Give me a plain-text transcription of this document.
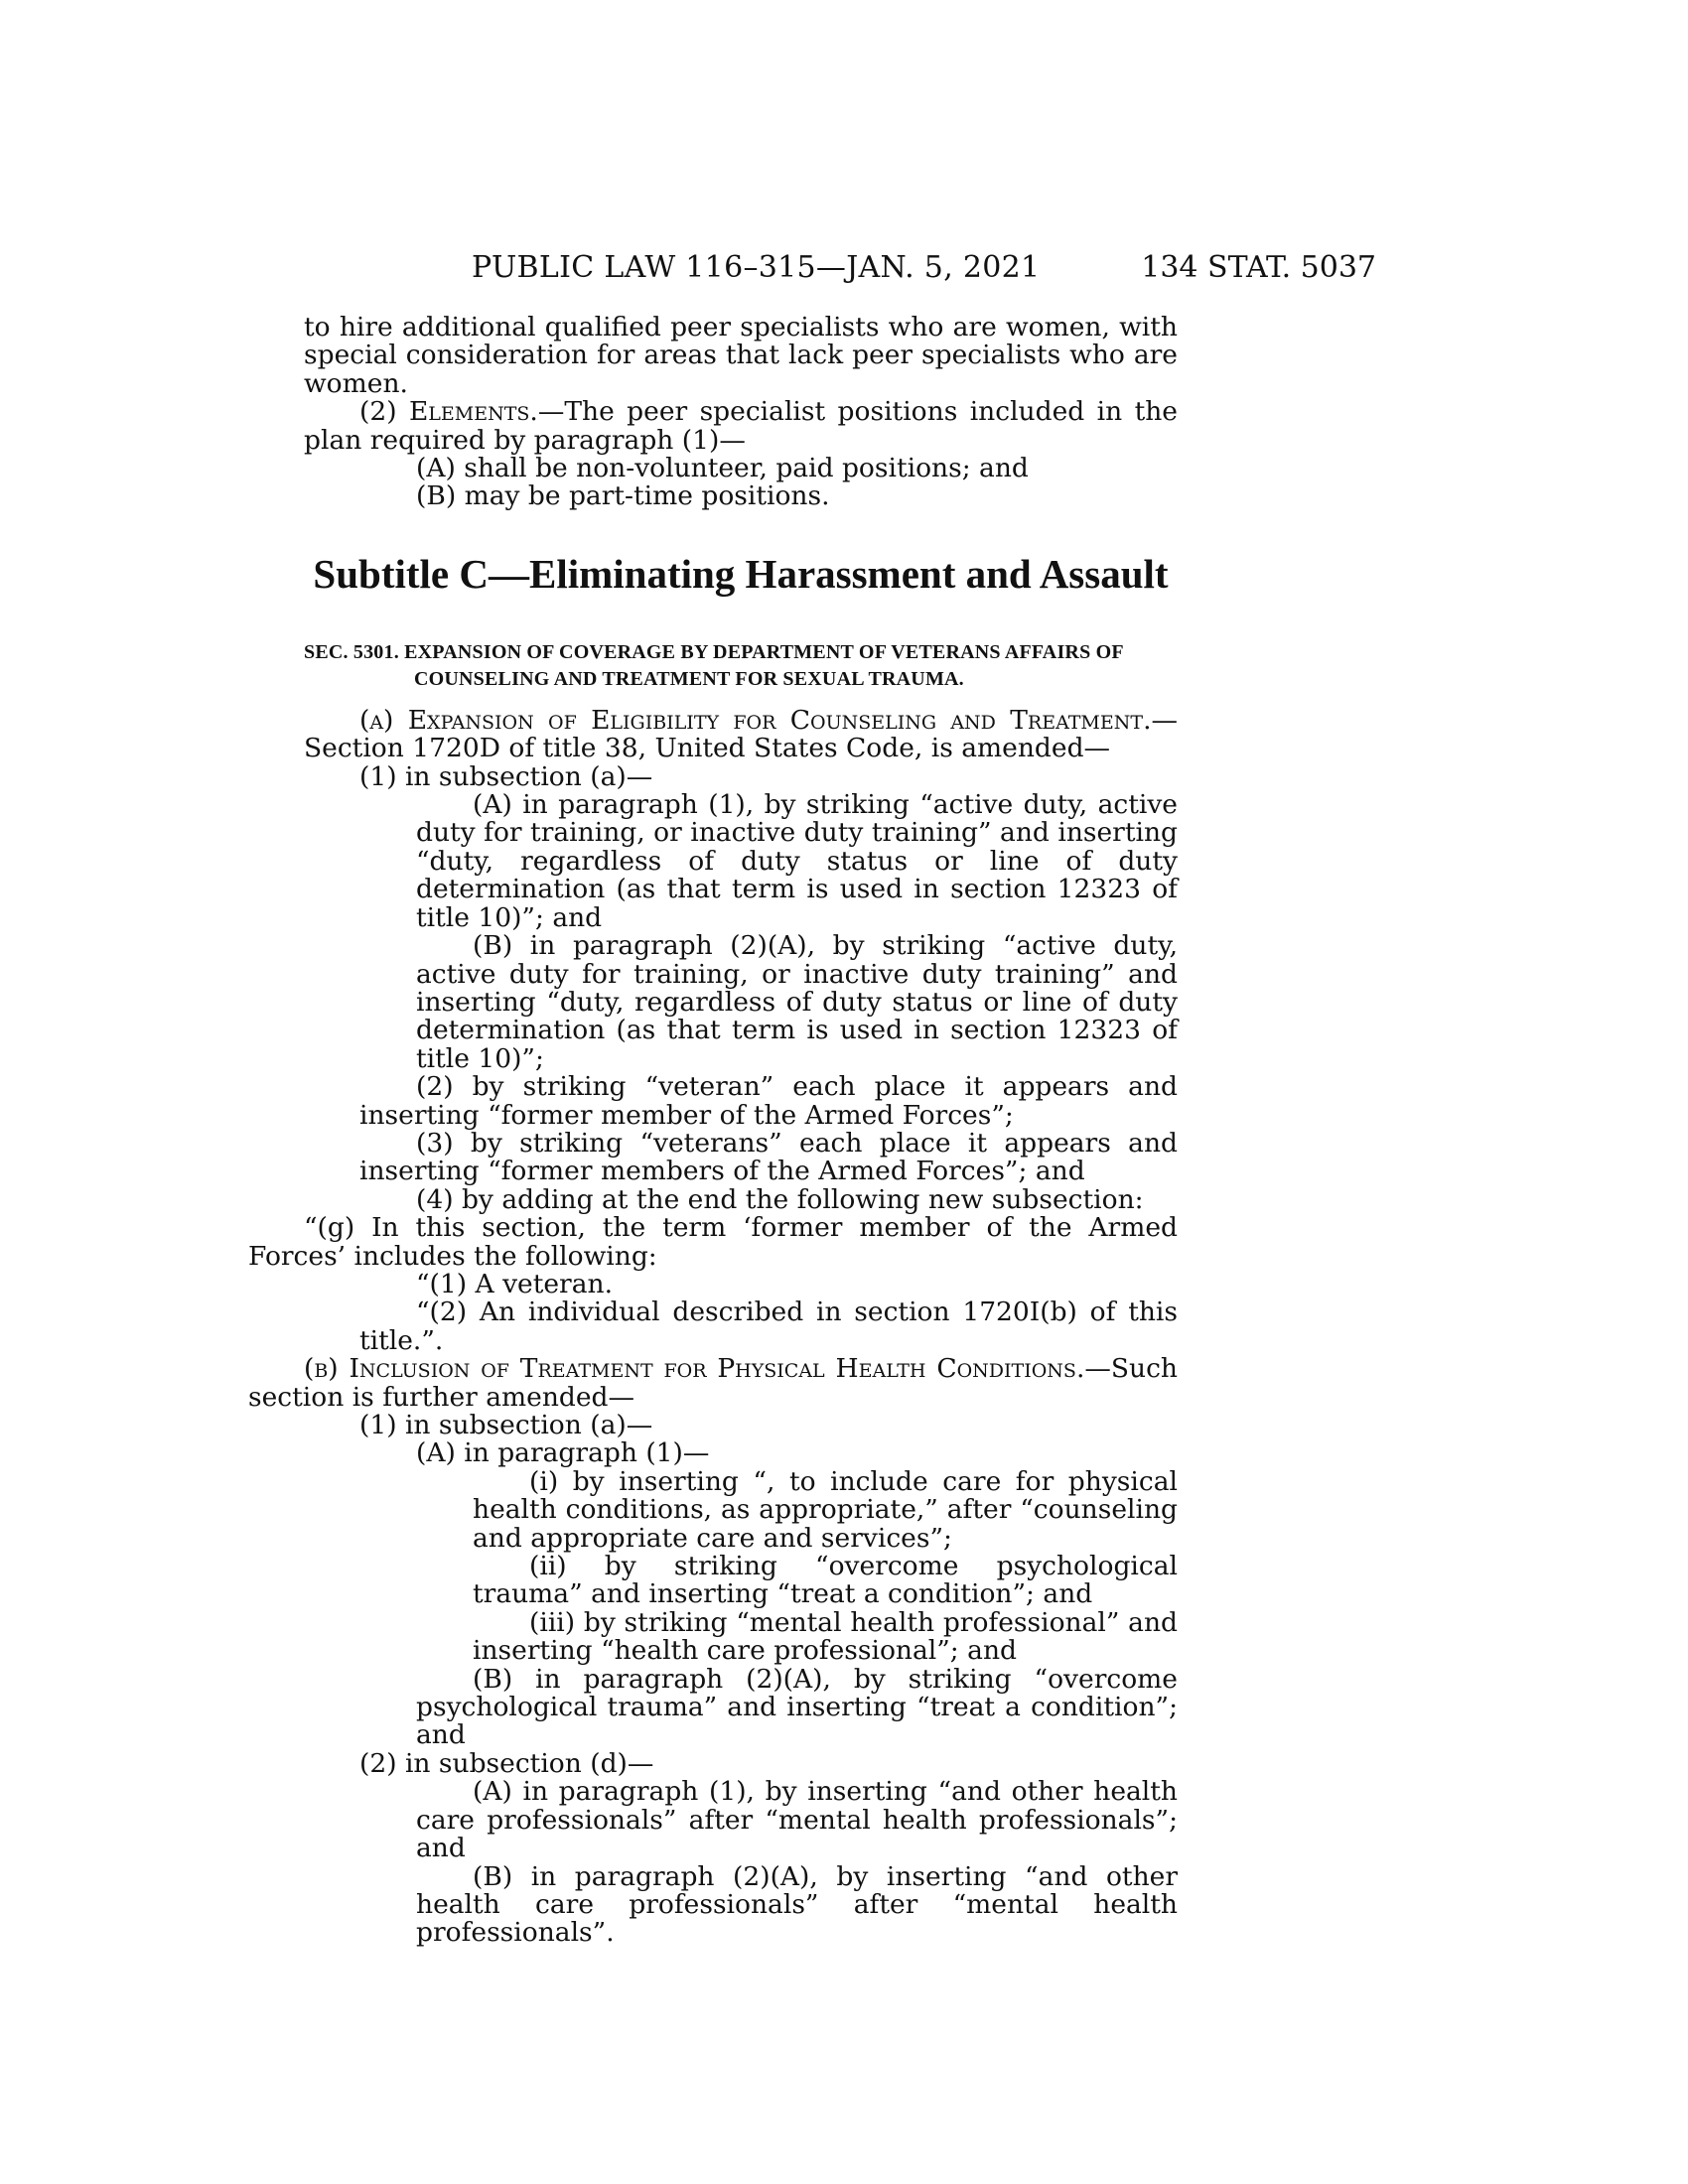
PUBLIC LAW 116–315—JAN. 5, 2021	134 STAT. 5037

to hire additional qualified peer specialists who are women, with special consideration for areas that lack peer specialists who are women.

(2) Elements.—The peer specialist positions included in the plan required by paragraph (1)—

(A) shall be non-volunteer, paid positions; and

(B) may be part-time positions.

Subtitle C—Eliminating Harassment and Assault

SEC. 5301. EXPANSION OF COVERAGE BY DEPARTMENT OF VETERANS AFFAIRS OF COUNSELING AND TREATMENT FOR SEXUAL TRAUMA.

(a) Expansion of Eligibility for Counseling and Treatment.—Section 1720D of title 38, United States Code, is amended—

(1) in subsection (a)—

(A) in paragraph (1), by striking “active duty, active duty for training, or inactive duty training” and inserting “duty, regardless of duty status or line of duty determination (as that term is used in section 12323 of title 10)”; and

(B) in paragraph (2)(A), by striking “active duty, active duty for training, or inactive duty training” and inserting “duty, regardless of duty status or line of duty determination (as that term is used in section 12323 of title 10)”;

(2) by striking “veteran” each place it appears and inserting “former member of the Armed Forces”;

(3) by striking “veterans” each place it appears and inserting “former members of the Armed Forces”; and

(4) by adding at the end the following new subsection:

“(g) In this section, the term ‘former member of the Armed Forces’ includes the following:

“(1) A veteran.

“(2) An individual described in section 1720I(b) of this title.”.

(b) Inclusion of Treatment for Physical Health Conditions.—Such section is further amended—

(1) in subsection (a)—

(A) in paragraph (1)—

(i) by inserting “, to include care for physical health conditions, as appropriate,” after “counseling and appropriate care and services”;

(ii) by striking “overcome psychological trauma” and inserting “treat a condition”; and

(iii) by striking “mental health professional” and inserting “health care professional”; and

(B) in paragraph (2)(A), by striking “overcome psychological trauma” and inserting “treat a condition”; and

(2) in subsection (d)—

(A) in paragraph (1), by inserting “and other health care professionals” after “mental health professionals”; and

(B) in paragraph (2)(A), by inserting “and other health care professionals” after “mental health professionals”.
